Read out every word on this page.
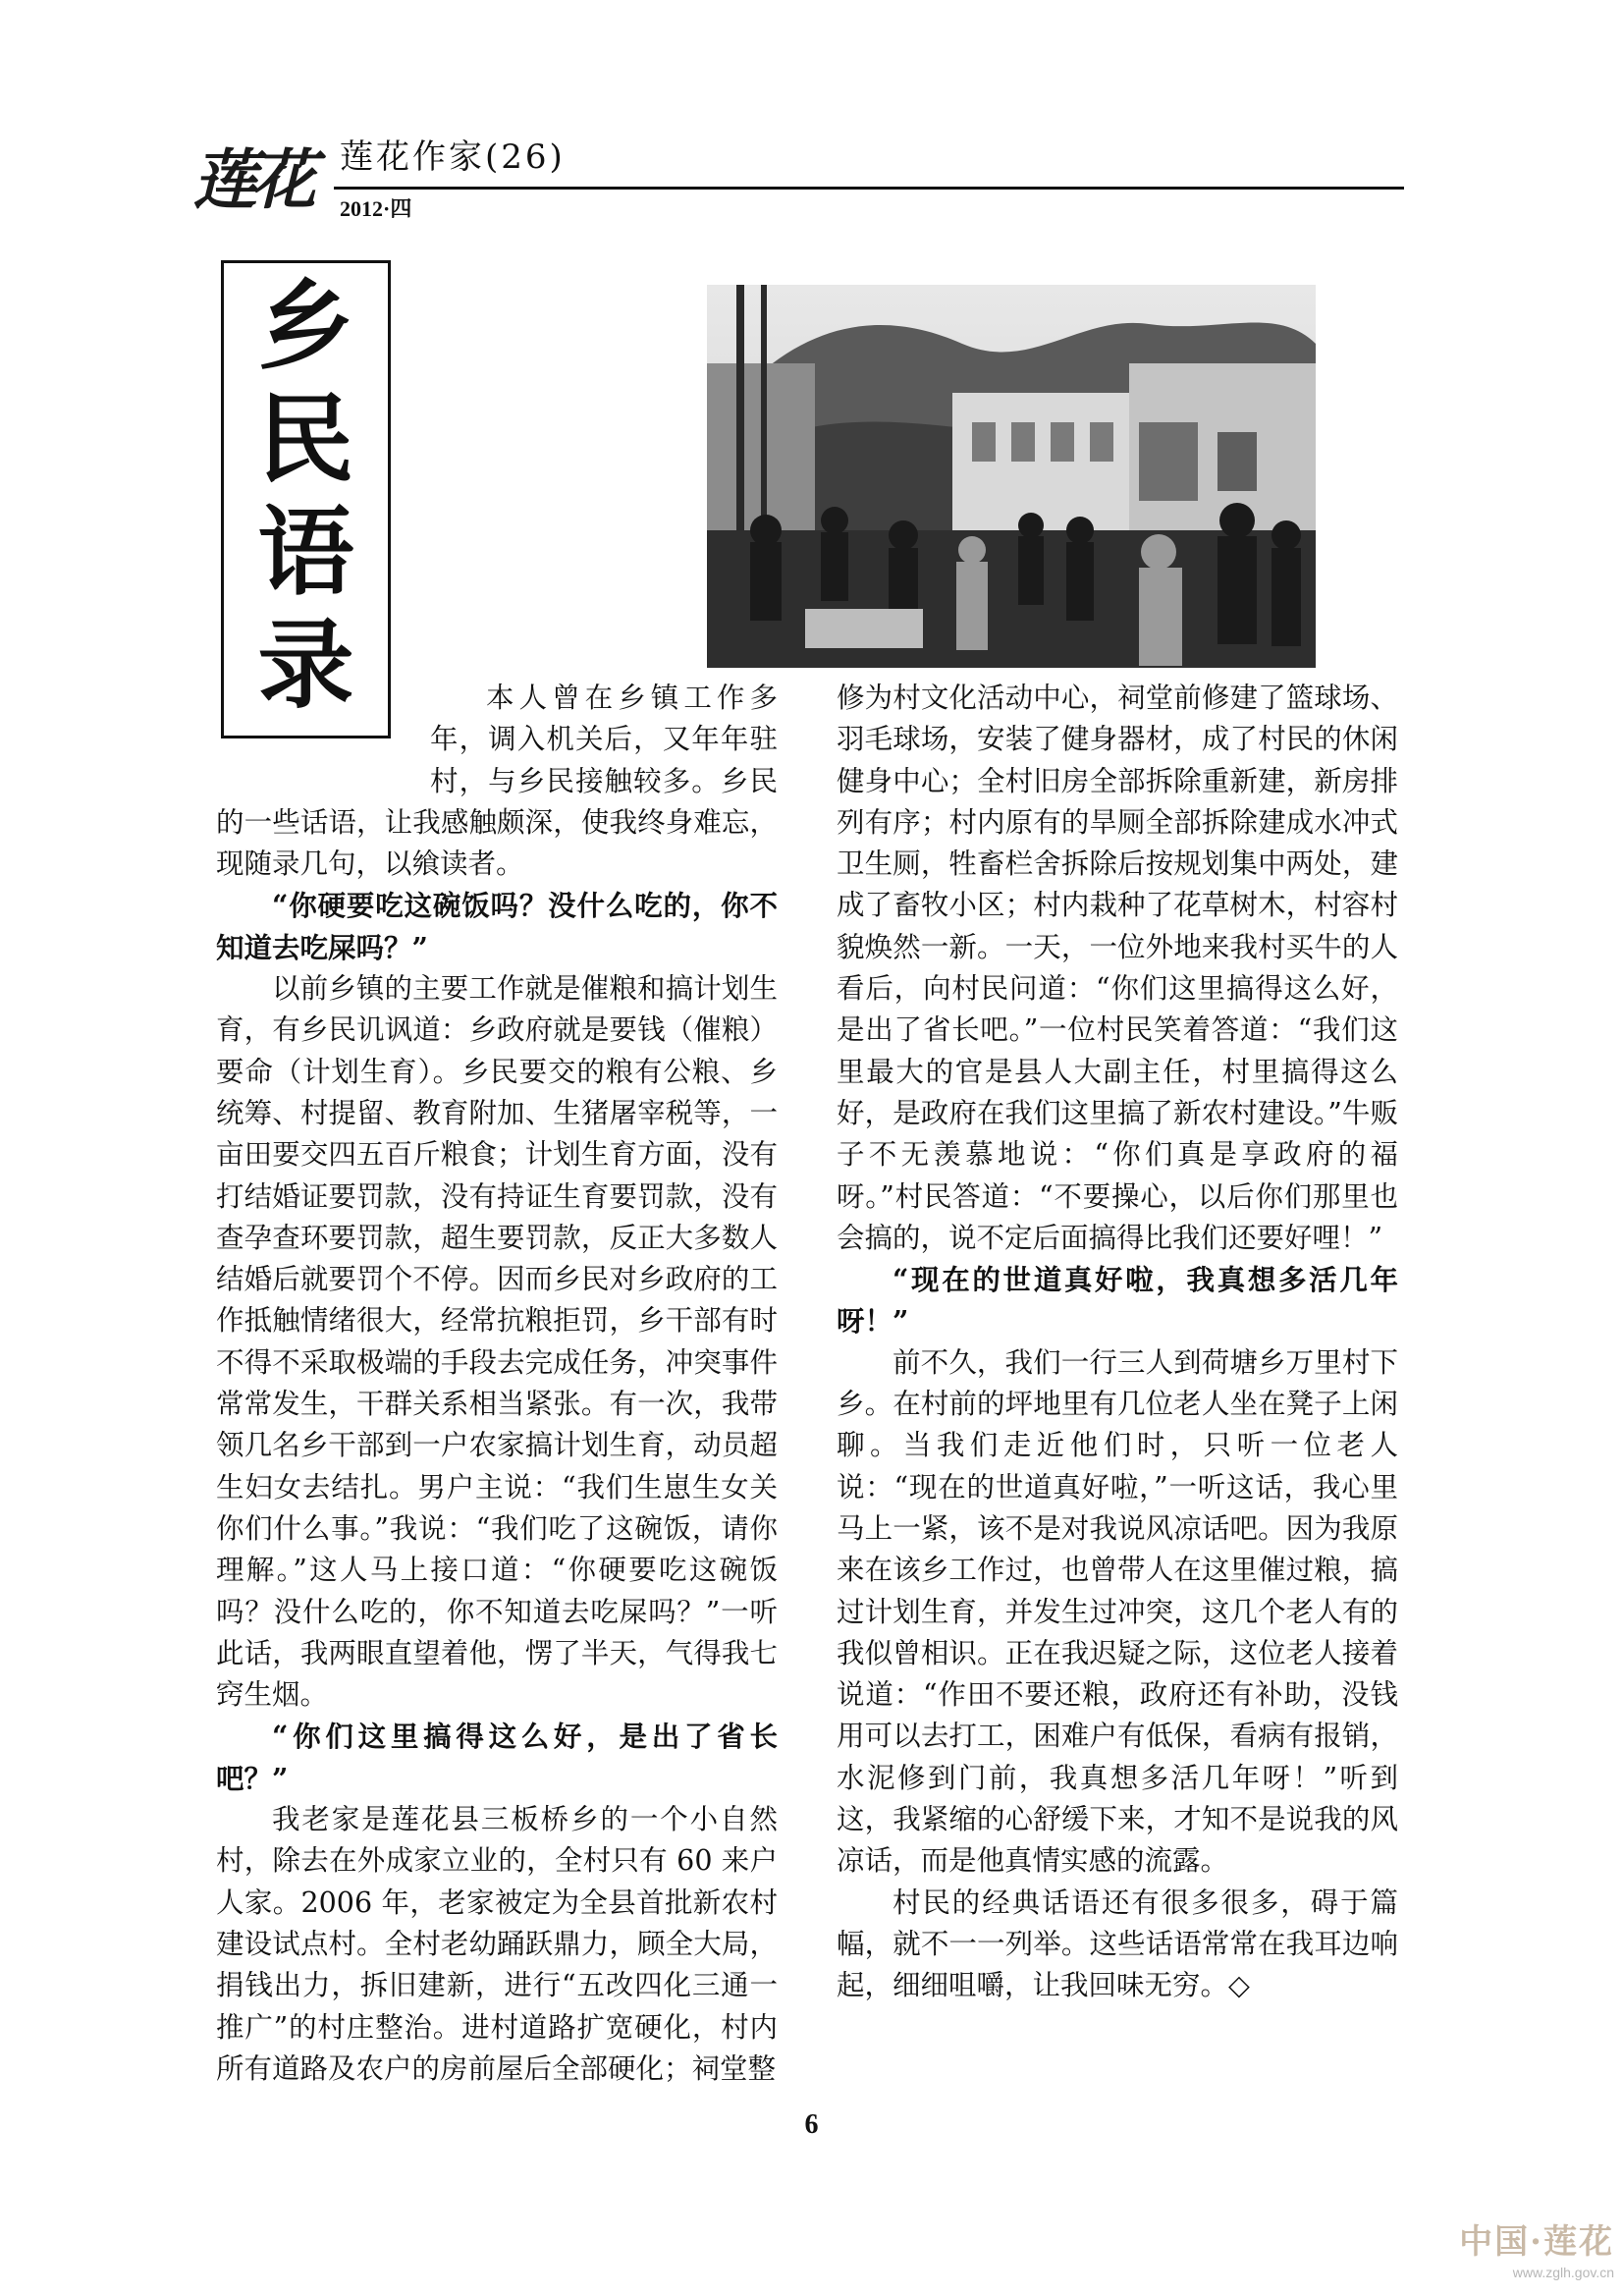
莲花 莲花作家(26)
2012·四
乡
民
语
录	本人曾在乡镇工作多年，调入机关后，又年年驻村，与乡民接触较多。乡民的一些话语，让我感触颇深，使我终身难忘，现随录几句，以飨读者。

“你硬要吃这碗饭吗？没什么吃的，你不知道去吃屎吗？”

以前乡镇的主要工作就是催粮和搞计划生育，有乡民讥讽道：乡政府就是要钱（催粮）要命（计划生育）。乡民要交的粮有公粮、乡统筹、村提留、教育附加、生猪屠宰税等，一亩田要交四五百斤粮食；计划生育方面，没有打结婚证要罚款，没有持证生育要罚款，没有查孕查环要罚款，超生要罚款，反正大多数人结婚后就要罚个不停。因而乡民对乡政府的工作抵触情绪很大，经常抗粮拒罚，乡干部有时不得不采取极端的手段去完成任务，冲突事件常常发生，干群关系相当紧张。有一次，我带领几名乡干部到一户农家搞计划生育，动员超生妇女去结扎。男户主说：“我们生崽生女关你们什么事。”我说：“我们吃了这碗饭，请你理解。”这人马上接口道：“你硬要吃这碗饭吗？没什么吃的，你不知道去吃屎吗？”一听此话，我两眼直望着他，愣了半天，气得我七窍生烟。

“你们这里搞得这么好，是出了省长吧？”

我老家是莲花县三板桥乡的一个小自然村，除去在外成家立业的，全村只有 60 来户人家。2006 年，老家被定为全县首批新农村建设试点村。全村老幼踊跃鼎力，顾全大局，捐钱出力，拆旧建新，进行“五改四化三通一推广”的村庄整治。进村道路扩宽硬化，村内所有道路及农户的房前屋后全部硬化；祠堂整

修为村文化活动中心，祠堂前修建了篮球场、羽毛球场，安装了健身器材，成了村民的休闲健身中心；全村旧房全部拆除重新建，新房排列有序；村内原有的旱厕全部拆除建成水冲式卫生厕，牲畜栏舍拆除后按规划集中两处，建成了畜牧小区；村内栽种了花草树木，村容村貌焕然一新。一天，一位外地来我村买牛的人看后，向村民问道：“你们这里搞得这么好，是出了省长吧。”一位村民笑着答道：“我们这里最大的官是县人大副主任，村里搞得这么好，是政府在我们这里搞了新农村建设。”牛贩子不无羡慕地说：“你们真是享政府的福呀。”村民答道：“不要操心，以后你们那里也会搞的，说不定后面搞得比我们还要好哩！”

“现在的世道真好啦，我真想多活几年呀！”

前不久，我们一行三人到荷塘乡万里村下乡。在村前的坪地里有几位老人坐在凳子上闲聊。当我们走近他们时，只听一位老人说：“现在的世道真好啦，”一听这话，我心里马上一紧，该不是对我说风凉话吧。因为我原来在该乡工作过，也曾带人在这里催过粮，搞过计划生育，并发生过冲突，这几个老人有的我似曾相识。正在我迟疑之际，这位老人接着说道：“作田不要还粮，政府还有补助，没钱用可以去打工，困难户有低保，看病有报销，水泥修到门前，我真想多活几年呀！”听到这，我紧缩的心舒缓下来，才知不是说我的风凉话，而是他真情实感的流露。

村民的经典话语还有很多很多，碍于篇幅，就不一一列举。这些话语常常在我耳边响起，细细咀嚼，让我回味无穷。◇

6
中国·莲花
www.zglh.gov.cn
